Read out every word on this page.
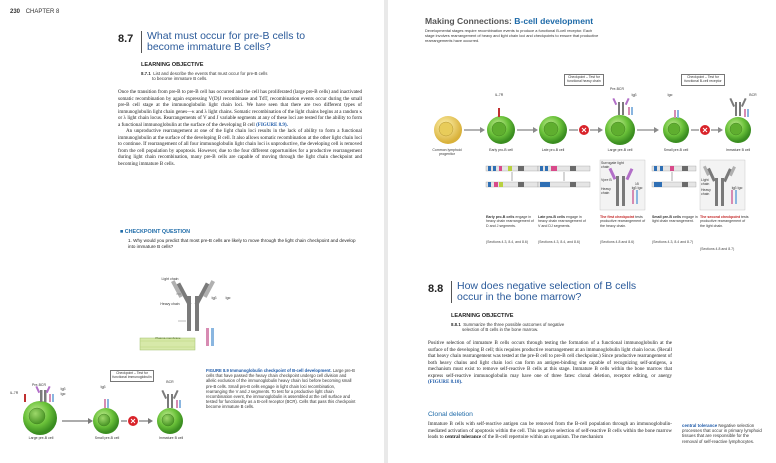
230 CHAPTER 8
8.7 What must occur for pre-B cells to
become immature B cells?
LEARNING OBJECTIVE
8.7.1 List and describe the events that must occur for pre-B cells
to become immature B cells.

Once the transition from pre-B to pre-B cell has occurred and the cell has proliferated (large pre-B cells) and inactivated somatic recombination by again expressing V(D)J recombinase and TdT, recombination events occur during the small pre-B cell stage at the immunoglobulin light chain loci. We have seen that there are two different types of immunoglobulin light chain genes—κ and λ light chains. Somatic recombination of the light chains begins at a random κ or λ light chain locus. Rearrangements of V and J variable segments at any of these loci are tested for the ability to form a functional immunoglobulin at the surface of the developing B cell (FIGURE 8.9).

An unproductive rearrangement at one of the light chain loci results in the lack of ability to form a functional immunoglobulin at the surface of the developing B cell. It also allows somatic recombination at the other light chain loci to continue. If rearrangement of all four immunoglobulin light chain loci is unproductive, the developing cell is removed from the cell population by apoptosis. However, due to the four different opportunities for a productive rearrangement during light chain recombination, many pre-B cells are capable of moving through the light chain checkpoint and becoming immature B cells.

■ CHECKPOINT QUESTION
1. Why would you predict that most pre-B cells are likely to move through the light chain checkpoint and develop into immature B cells?
Light chain
Heavy chain
Plasma membrane
Igβ	Igα
Checkpoint – Test for functional immunoglobulin
Pre-BCR
IL-7R
Igβ
Igα
Igβ
BCR
Large pre-B cell	Small pre-B cell	Immature B cell
FIGURE 8.9 Immunoglobulin checkpoint of B-cell development. Large pre-B cells that have passed the heavy chain checkpoint undergo cell division and allelic exclusion of the immunoglobulin heavy chain loci before becoming small pre-B cells. Small pre-B cells engage in light chain loci recombination, rearranging the V and J segments. To test for a productive light chain recombination event, the immunoglobulin is assembled at the cell surface and tested for functionality as a B-cell receptor (BCR). Cells that pass this checkpoint become immature B cells.
Making Connections: B-cell development
Developmental stages require recombination events to produce a functional B-cell receptor. Each stage involves rearrangement of heavy and light chain loci and checkpoints to ensure that productive rearrangements have occurred.
Checkpoint – Test for functional heavy chain
Checkpoint – Test for functional B-cell receptor
IL-7R
Pre-BCR
Igβ	Igα	BCR
Common lymphoid progenitor
Early pro-B cell	Late pro-B cell	Large pre-B cell	Small pre-B cell	Immature B cell
Surrogate light chain
Vpre B
λ5
Heavy chain
Igβ Igα
Light chain
Heavy chain
Igβ Igα
Early pro-B cells engage in heavy chain rearrangement of D and J segments.
Late pro-B cells engage in heavy chain rearrangement of V and DJ segments.
The first checkpoint tests productive rearrangement of the heavy chain.
Small pre-B cells engage in light chain rearrangement.
The second checkpoint tests productive rearrangement of the light chain.
(Sections 4.3, 8.4, and 8.6)	(Sections 4.3, 8.4, and 8.6)	(Sections 4.8 and 8.6)	(Sections 4.3, 8.4 and 8.7)
(Sections 4.8 and 8.7)
8.8 How does negative selection of B cells
occur in the bone marrow?
LEARNING OBJECTIVE
8.8.1 Summarize the three possible outcomes of negative
selection of B cells in the bone marrow.

Positive selection of immature B cells occurs through testing the formation of a functional immunoglobulin at the surface of the developing B cell; this requires productive rearrangement at an immunoglobulin light chain locus. (Recall that heavy chain rearrangement was tested at the pre-B cell to pre-B cell checkpoint.) Since productive rearrangement of both heavy chains and light chain loci can form an antigen-binding site capable of recognizing self-antigens, a mechanism must exist to remove self-reactive B cells at this stage. Immature B cells within the bone marrow that express self-reactive immunoglobulin may have one of three fates: clonal deletion, receptor editing, or anergy (FIGURE 8.10).

Clonal deletion

Immature B cells with self-reactive antigen can be removed from the B-cell population through an immunoglobulin-mediated activation of apoptosis within the cell. This negative selection of self-reactive B cells within the bone marrow leads to central tolerance of the B-cell repertoire within an organism. The mechanism

central tolerance Negative selection processes that occur in primary lymphoid tissues that are responsible for the removal of self-reactive lymphocytes.
